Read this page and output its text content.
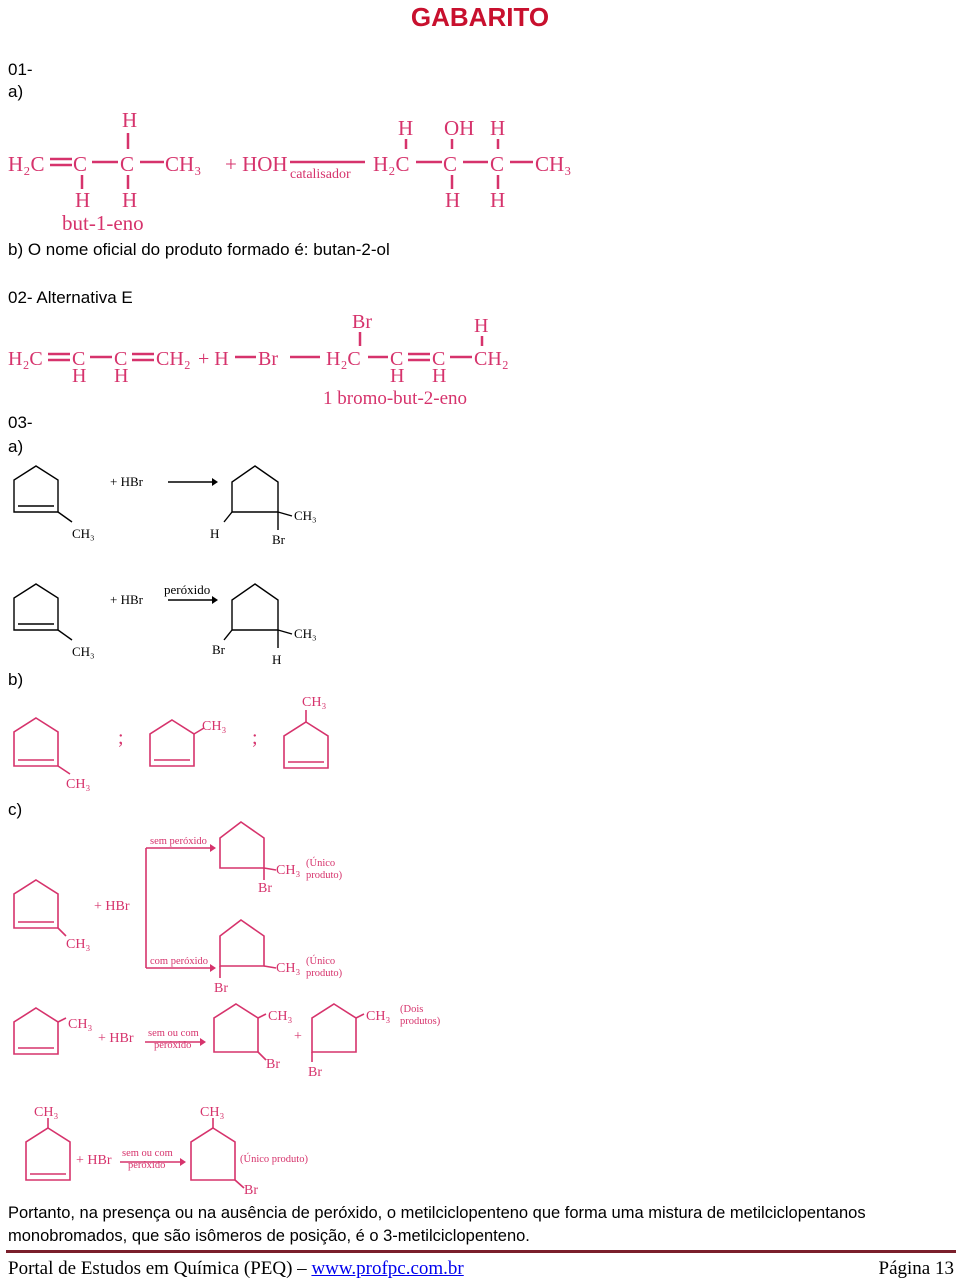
GABARITO
01-
a)
H
H₂C C C CH₃ + HOH
H H
H OH H
H₂C C C CH₃
H H
catalisador
but-1-eno
b) O nome oficial do produto formado é: butan-2-ol
02- Alternativa E
H₂C C C CH₂ + H Br
H H
Br	H
H₂C C C CH₂
H H
1 bromo-but-2-eno
03-
a)
+ HBr
CH₃	H
CH₃
Br
+ HBr
peróxido
CH₃	Br
CH₃
H
b)
CH₃
CH₃
CH₃
;	;
c)
+ HBr
CH₃
CH₃
Br
CH₃
Br
sem peróxido
com peróxido
(Único
produto)
(Único
produto)
CH₃
+ HBr
CH₃
Br
+
CH₃
Br
sem ou com
peróxido
(Dois
produtos)
CH₃
+ HBr
CH₃
Br
sem ou com
peróxido
(Único produto)
Portanto, na presença ou na ausência de peróxido, o metilciclopenteno que forma uma mistura de metilciclopentanos monobromados, que são isômeros de posição, é o 3-metilciclopenteno.
Portal de Estudos em Química (PEQ) – www.profpc.com.br	Página 13
